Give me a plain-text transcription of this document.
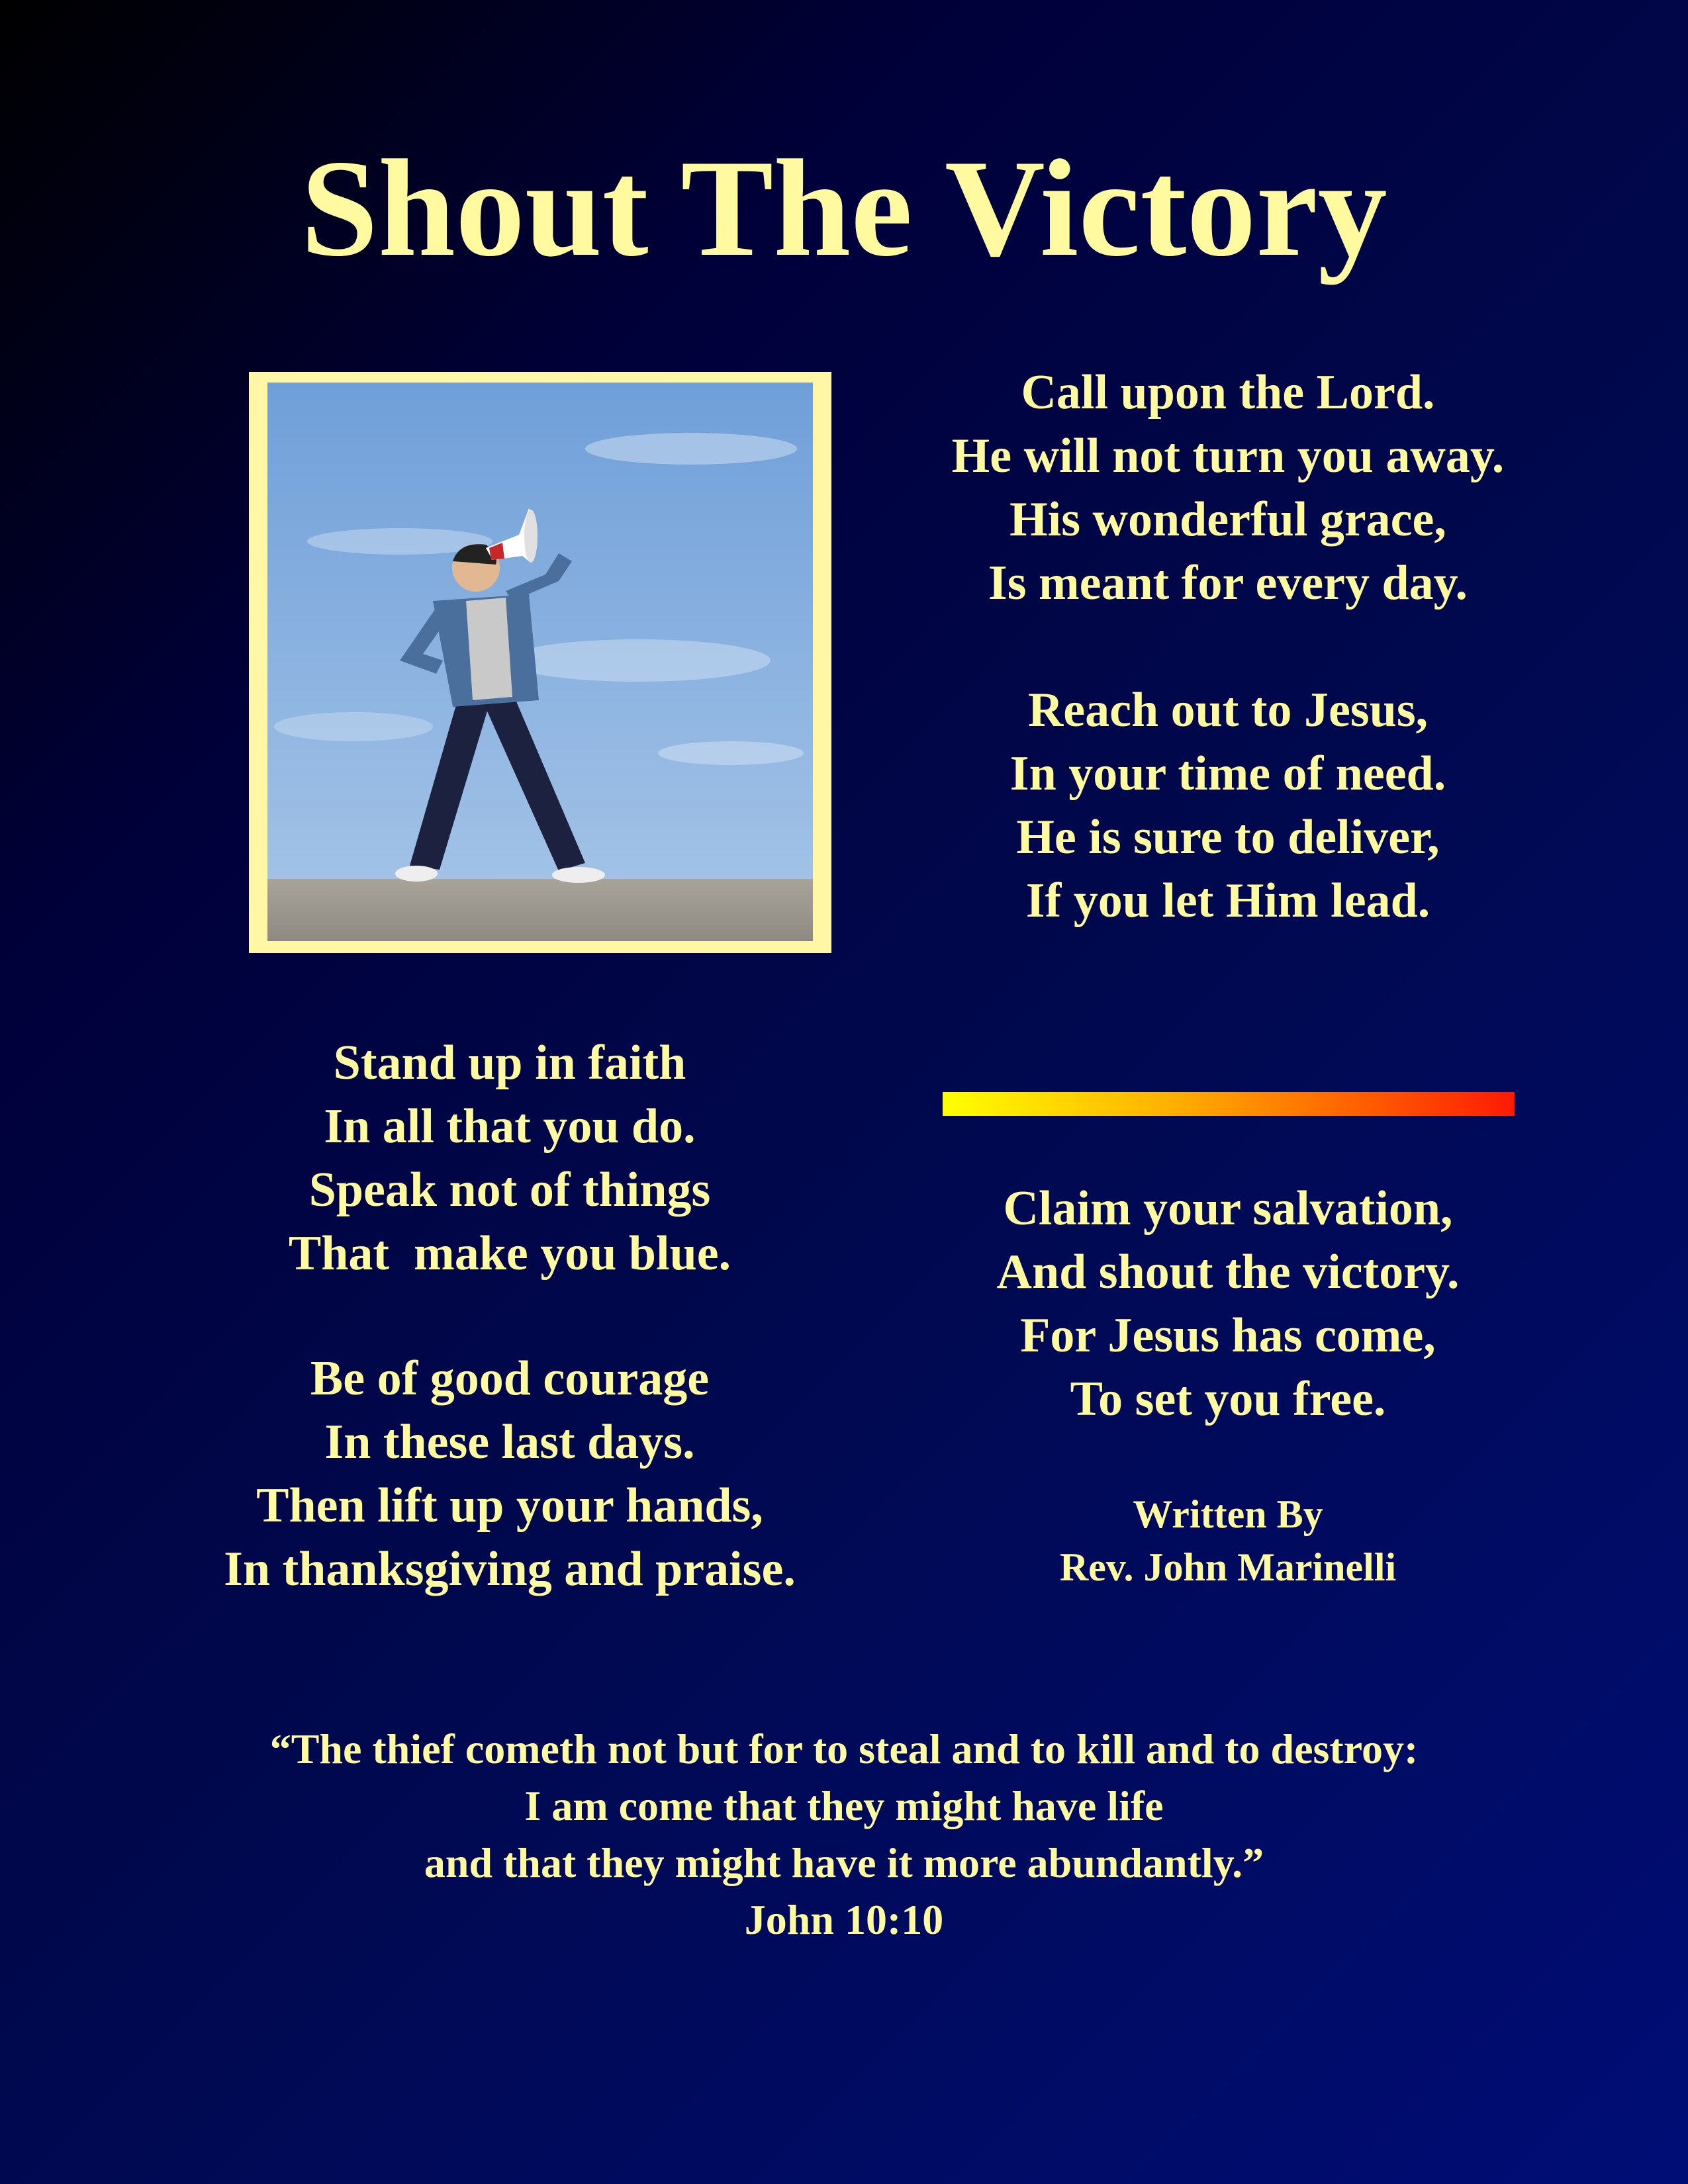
Shout The Victory
Call upon the Lord.
He will not turn you away.
His wonderful grace,
Is meant for every day.
Reach out to Jesus,
In your time of need.
He is sure to deliver,
If you let Him lead.
Stand up in faith
In all that you do.
Speak not of things
That  make you blue.
Be of good courage
In these last days.
Then lift up your hands,
In thanksgiving and praise.
Claim your salvation,
And shout the victory.
For Jesus has come,
To set you free.
Written By
Rev. John Marinelli
“The thief cometh not but for to steal and to kill and to destroy:
I am come that they might have life
and that they might have it more abundantly.”
John 10:10
